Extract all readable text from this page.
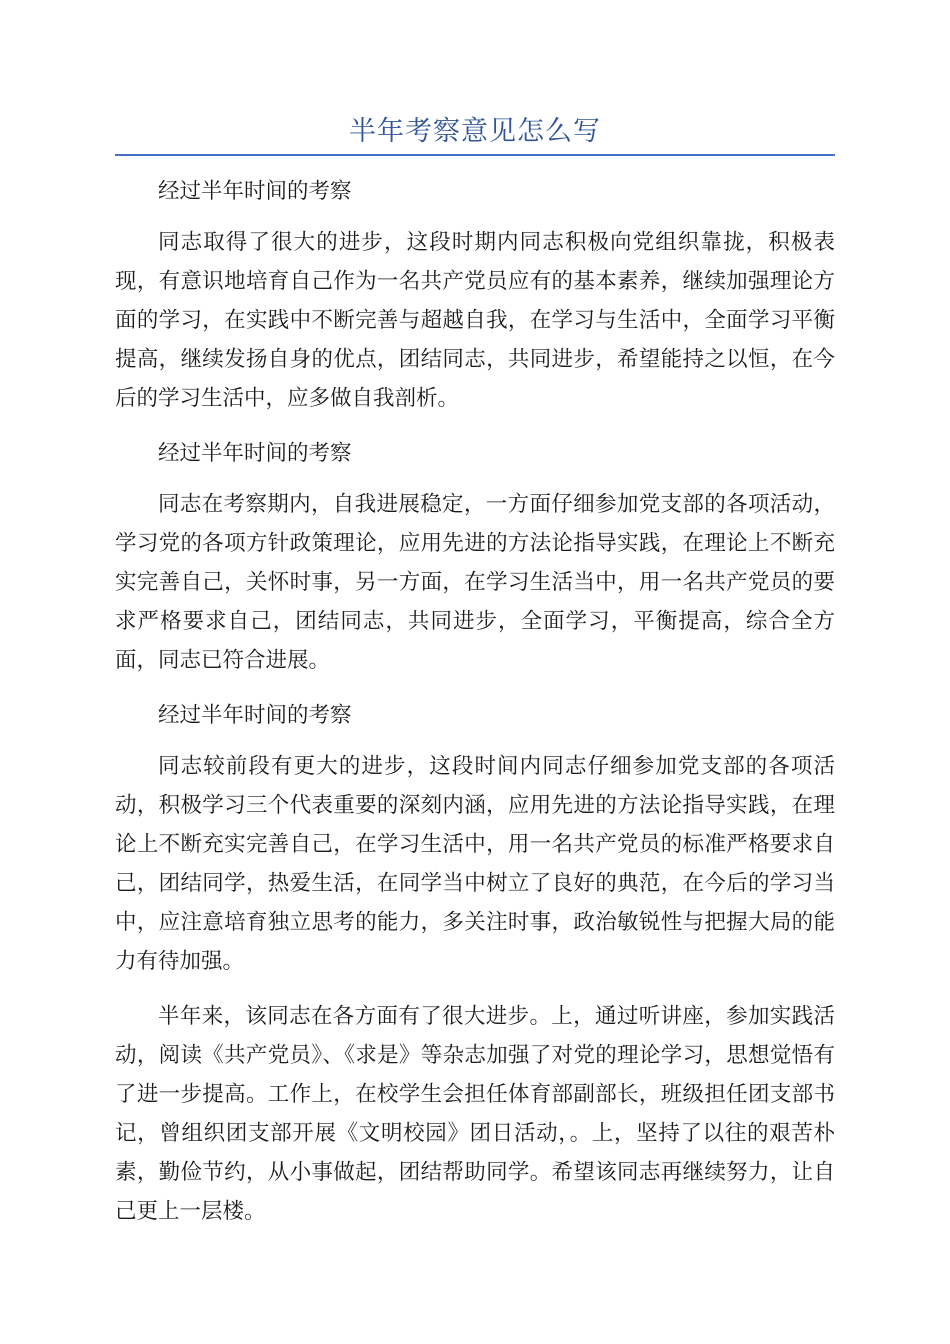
半年考察意见怎么写

经过半年时间的考察

同志取得了很大的进步，这段时期内同志积极向党组织靠拢，积极表现，有意识地培育自己作为一名共产党员应有的基本素养，继续加强理论方面的学习，在实践中不断完善与超越自我，在学习与生活中，全面学习平衡提高，继续发扬自身的优点，团结同志，共同进步，希望能持之以恒，在今后的学习生活中，应多做自我剖析。

经过半年时间的考察

同志在考察期内，自我进展稳定，一方面仔细参加党支部的各项活动，学习党的各项方针政策理论，应用先进的方法论指导实践，在理论上不断充实完善自己，关怀时事，另一方面，在学习生活当中，用一名共产党员的要求严格要求自己，团结同志，共同进步，全面学习，平衡提高，综合全方面，同志已符合进展。

经过半年时间的考察

同志较前段有更大的进步，这段时间内同志仔细参加党支部的各项活动，积极学习三个代表重要的深刻内涵，应用先进的方法论指导实践，在理论上不断充实完善自己，在学习生活中，用一名共产党员的标准严格要求自己，团结同学，热爱生活，在同学当中树立了良好的典范，在今后的学习当中，应注意培育独立思考的能力，多关注时事，政治敏锐性与把握大局的能力有待加强。

半年来，该同志在各方面有了很大进步。上，通过听讲座，参加实践活动，阅读《共产党员》、《求是》等杂志加强了对党的理论学习，思想觉悟有了进一步提高。工作上，在校学生会担任体育部副部长，班级担任团支部书记，曾组织团支部开展《文明校园》团日活动，。上，坚持了以往的艰苦朴素，勤俭节约，从小事做起，团结帮助同学。希望该同志再继续努力，让自己更上一层楼。
